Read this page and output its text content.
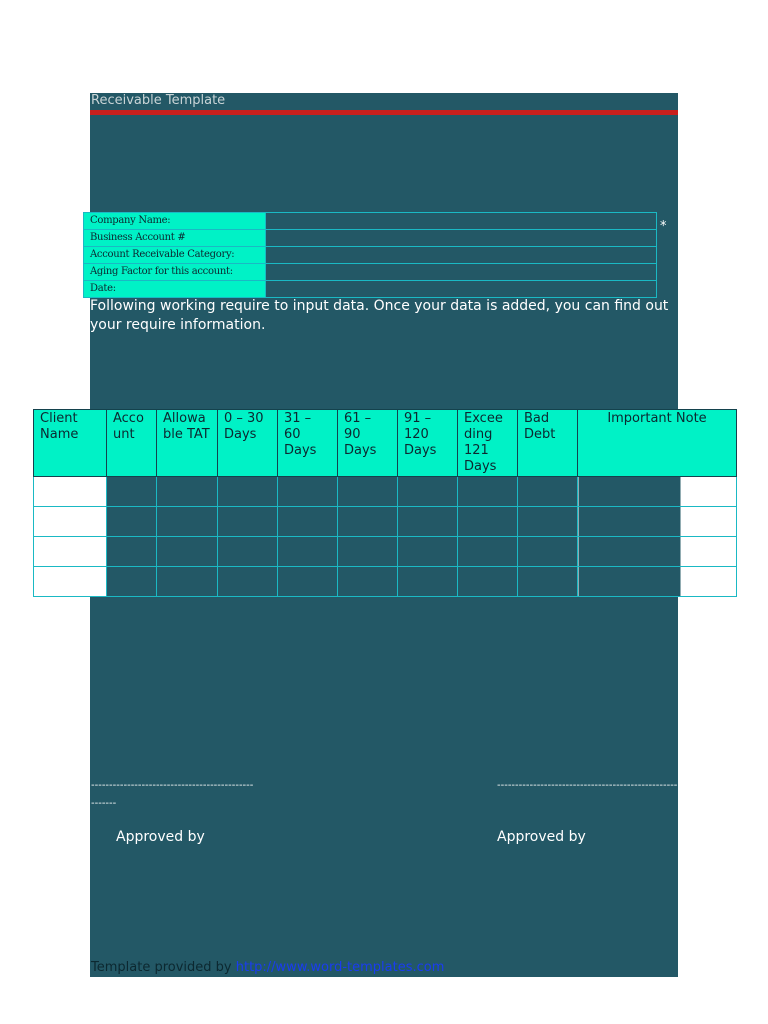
Receivable Template
Company Name:	
Business Account #	
Account Receivable Category:	
Aging Factor for this account:	
Date:	
*
Following working require to input data. Once your data is added, you can find out your require information.
Client Name	Acco unt	Allowa ble TAT	0 – 30 Days	31 – 60 Days	61 – 90 Days	91 – 120 Days	Excee ding 121 Days	Bad Debt	Important Note

---------------------------------------------
-------
--------------------------------------------------
Approved by	Approved by
Template provided by http://www.word-templates.com
